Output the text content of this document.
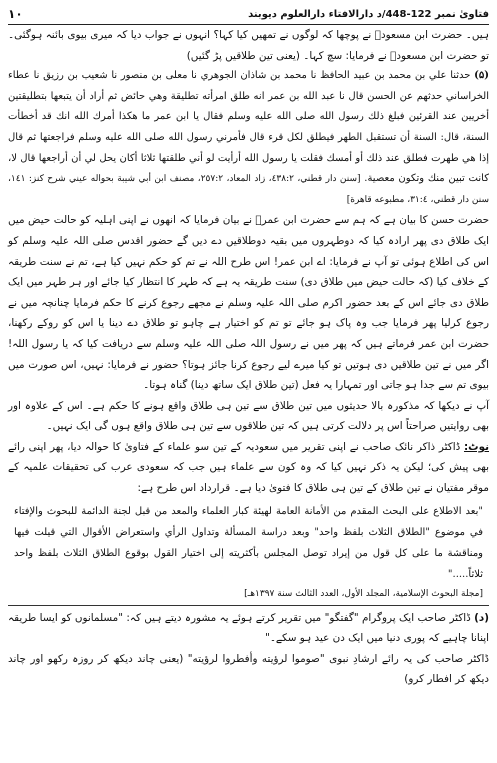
١٠	فتاویٰ نمبر 122-448/د دارالافتاء دارالعلوم دیوبند

ہیں۔ حضرت ابن مسعودؓ نے پوچھا کہ لوگوں نے تمھیں کیا کہا؟ انہوں نے جواب دیا کہ میری بیوی بائنہ ہوگئی۔ تو حضرت ابن مسعودؓ نے فرمایا: سچ کہا۔ (یعنی تین طلاقیں پڑ گئیں)

(۵) حدثنا علي بن محمد بن عبيد الحافظ نا محمد بن شاذان الجوهري نا معلى بن منصور نا شعيب بن رزيق نا عطاء الخراساني حدثهم عن الحسن قال نا عبد الله بن عمر انه طلق امرأته تطليقة وهي حائض ثم أراد أن يتبعها بتطليقتين أخريين عند القرئين فبلغ ذلك رسول الله صلى الله عليه وسلم فقال يا ابن عمر ما هكذا أمرك الله انك قد أخطأت السنة، قال: السنة أن تستقبل الطهر فيطلق لكل قرء قال فأمرني رسول الله صلى الله عليه وسلم فراجعتها ثم قال إذا هي طهرت فطلق عند ذلك أو أمسك فقلت يا رسول الله أرأيت لو أني طلقتها ثلاثا أكان يحل لي أن أراجعها قال لا، كانت تبين منك وتكون معصية. [سنن دار قطني، ٤٣٨:٢، زاد المعاد، ٢٥٧:٢، مصنف ابن أبي شيبة بحواله عيني شرح كنز: ١٤١، سنن دار قطني، ٣١:٤، مطبوعه قاهرة]

حضرت حسن کا بیان ہے کہ ہم سے حضرت ابن عمرؓ نے بیان فرمایا کہ انھوں نے اپنی اہلیہ کو حالت حیض میں ایک طلاق دی پھر ارادہ کیا کہ دوطہروں میں بقیہ دوطلاقیں دے دیں گے حضور اقدس صلی اللہ علیہ وسلم کو اس کی اطلاع ہوئی تو آپ نے فرمایا: اے ابن عمر! اس طرح اللہ نے تم کو حکم نہیں کیا ہے، تم نے سنت طریقہ کے خلاف کیا (کہ حالت حیض میں طلاق دی) سنت طریقہ یہ ہے کہ طہر کا انتظار کیا جائے اور ہر طہر میں ایک طلاق دی جائے اس کے بعد حضور اکرم صلی اللہ علیہ وسلم نے مجھے رجوع کرنے کا حکم فرمایا چنانچہ میں نے رجوع کرلیا پھر فرمایا جب وہ پاک ہو جائے تو تم کو اختیار ہے چاہو تو طلاق دے دینا یا اس کو روکے رکھنا، حضرت ابن عمر فرماتے ہیں کہ پھر میں نے رسول اللہ صلی اللہ علیہ وسلم سے دریافت کیا کہ یا رسول اللہ! اگر میں نے تین طلاقیں دی ہوتیں تو کیا میرے لیے رجوع کرنا جائز ہوتا؟ حضور نے فرمایا: نہیں، اس صورت میں بیوی تم سے جدا ہو جاتی اور تمہارا یہ فعل (تین طلاق ایک ساتھ دینا) گناہ ہوتا۔

آپ نے دیکھا کہ مذکورہ بالا حدیثوں میں تین طلاق سے تین ہی طلاق واقع ہونے کا حکم ہے۔ اس کے علاوہ اور بھی روایتیں صراحتاً اس پر دلالت کرتی ہیں کہ تین طلاقوں سے تین ہی طلاق واقع ہوں گی ایک نہیں۔

نوٹ: ڈاکٹر ذاکر نائک صاحب نے اپنی تقریر میں سعودیہ کے تین سو علماء کے فتاویٰ کا حوالہ دیا، پھر اپنی رائے بھی پیش کی؛ لیکن یہ ذکر نہیں کیا کہ وہ کون سے علماء ہیں جب کہ سعودی عرب کی تحقیقات علمیہ کے موقر مفتیان نے تین طلاق کے تین ہی طلاق کا فتویٰ دیا ہے۔ قرارداد اس طرح ہے:

"بعد الاطلاع على البحث المقدم من الأمانة العامة لهيئة كبار العلماء والمعد من قبل لجنة الدائمة للبحوث والإفتاء في موضوع "الطلاق الثلاث بلفظ واحد" وبعد دراسة المسألة وتداول الرأي واستعراض الأقوال التي قيلت فيها ومناقشة ما على كل قول من إيراد توصل المجلس بأكثريته إلى اختيار القول بوقوع الطلاق الثلاث بلفظ واحد ثلاثاً....."

[مجلة البحوث الإسلامية، المجلد الأول، العدد الثالث سنة ١٣٩٧هـ]

(د) ڈاکٹر صاحب ایک پروگرام "گفتگو" میں تقریر کرتے ہوئے یہ مشورہ دیتے ہیں کہ: "مسلمانوں کو ایسا طریقہ اپنانا چاہیے کہ پوری دنیا میں ایک دن عید ہو سکے۔"

ڈاکٹر صاحب کی یہ رائے ارشادِ نبوی "صوموا لرؤیته وأفطروا لرؤیته" (یعنی چاند دیکھ کر روزہ رکھو اور چاند دیکھ کر افطار کرو)
